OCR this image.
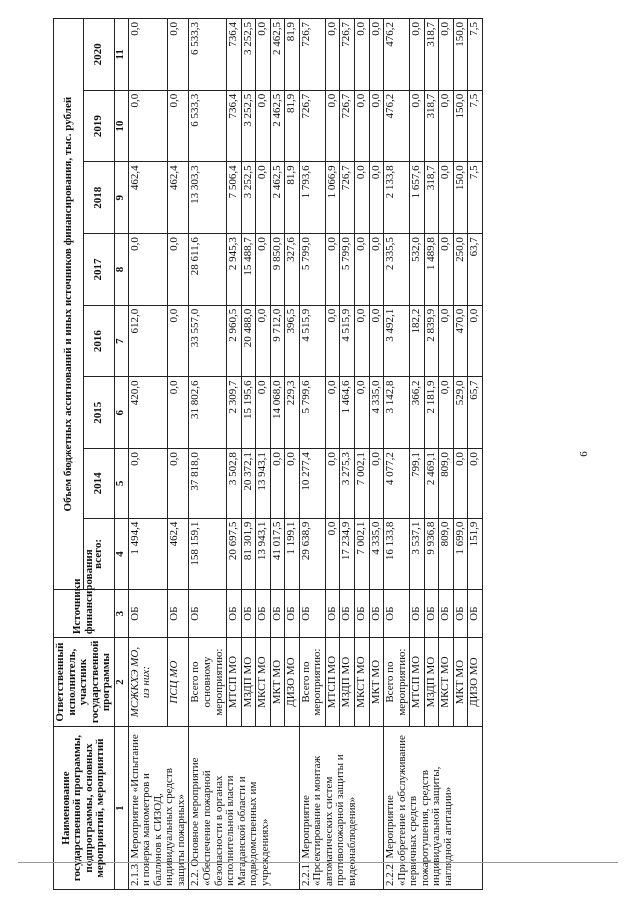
6
Наименование государственной программы, подпрограммы, основных мероприятий, мероприятий	Ответственный исполнитель, участник государственной программы	Источники финансирования	Объем бюджетных ассигнований и иных источников финансирования, тыс. рублей							
			всего:	2014	2015	2016	2017	2018	2019	2020
1	2	3	4	5	6	7	8	9	10	11
2.1.3. Мероприятие «Испытание и поверка манометров и баллонов к СИЗОД, индивидуальных средств защиты пожарных»	МСЖКХЭ МО, из них:	ОБ	1 494,4	0,0	420,0	612,0	0,0	462,4	0,0	0,0
	ПСЦ МО	ОБ	462,4	0,0	0,0	0,0	0,0	462,4	0,0	0,0
2.2. Основное мероприятие «Обеспечение пожарной безопасности в органах исполнительной власти Магаданской области и подведомственных им учреждениях»	Всего по основному мероприятию:	ОБ	158 159,1	37 818,0	31 802,6	33 557,0	28 611,6	13 303,3	6 533,3	6 533,3
	МТСП МО	ОБ	20 697,5	3 502,8	2 309,7	2 960,5	2 945,3	7 506,4	736,4	736,4
	МЗДП МО	ОБ	81 301,9	20 372,1	15 195,6	20 488,0	15 488,7	3 252,5	3 252,5	3 252,5
	МКСТ МО	ОБ	13 943,1	13 943,1	0,0	0,0	0,0	0,0	0,0	0,0
	МКТ МО	ОБ	41 017,5	0,0	14 068,0	9 712,0	9 850,0	2 462,5	2 462,5	2 462,5
	ДИЗО МО	ОБ	1 199,1	0,0	229,3	396,5	327,6	81,9	81,9	81,9
2.2.1. Мероприятие «Проектирование и монтаж автоматических систем противопожарной защиты и видеонаблюдения»	Всего по мероприятию:	ОБ	29 638,9	10 277,4	5 799,6	4 515,9	5 799,0	1 793,6	726,7	726,7
	МТСП МО	ОБ	0,0	0,0	0,0	0,0	0,0	1 066,9	0,0	0,0
	МЗДП МО	ОБ	17 234,9	3 275,3	1 464,6	4 515,9	5 799,0	726,7	726,7	726,7
	МКСТ МО	ОБ	7 002,1	7 002,1	0,0	0,0	0,0	0,0	0,0	0,0
	МКТ МО	ОБ	4 335,0	0,0	4 335,0	0,0	0,0	0,0	0,0	0,0
2.2.2. Мероприятие «Приобретение и обслуживание первичных средств пожаротушения, средств индивидуальной защиты, наглядной агитации»	Всего по мероприятию:	ОБ	16 133,8	4 077,2	3 142,8	3 492,1	2 335,5	2 133,8	476,2	476,2
	МТСП МО	ОБ	3 537,1	799,1	366,2	182,2	532,0	1 657,6	0,0	0,0
	МЗДП МО	ОБ	9 936,8	2 469,1	2 181,9	2 839,9	1 489,8	318,7	318,7	318,7
	МКСТ МО	ОБ	809,0	809,0	0,0	0,0	0,0	0,0	0,0	0,0
	МКТ МО	ОБ	1 699,0	0,0	529,0	470,0	250,0	150,0	150,0	150,0
	ДИЗО МО	ОБ	151,9	0,0	65,7	0,0	63,7	7,5	7,5	7,5
